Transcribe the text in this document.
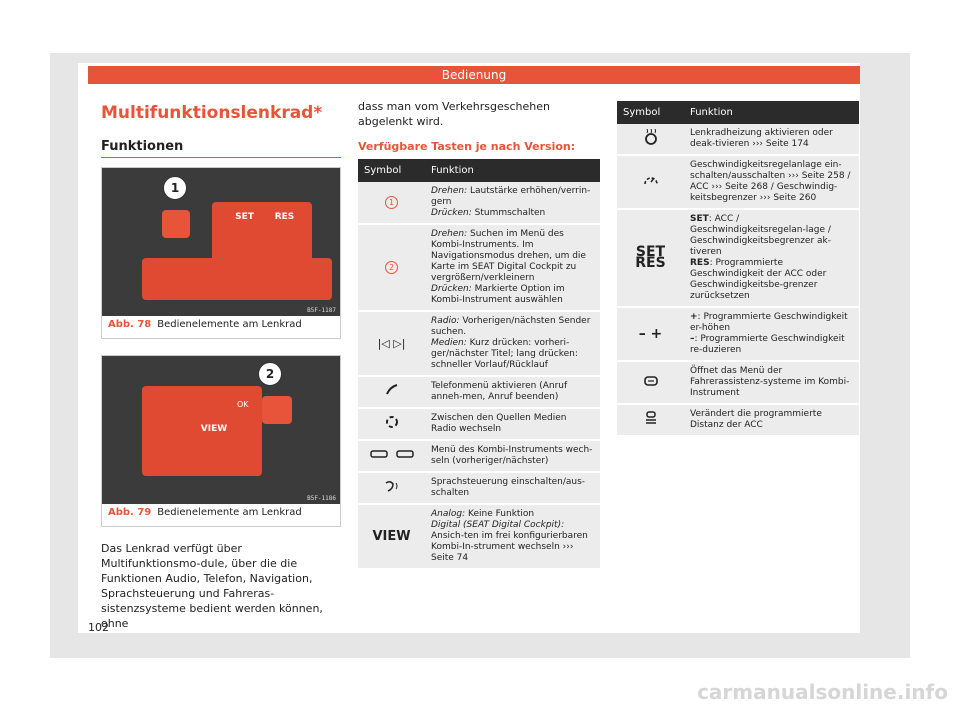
Bedienung
Multifunktionslenkrad*
Funktionen
SET	RES
1
B5F-1187
Abb. 78 Bedienelemente am Lenkrad
VIEW
OK
2
B5F-1186
Abb. 79 Bedienelemente am Lenkrad
Das Lenkrad verfügt über Multifunktionsmo-dule, über die die Funktionen Audio, Telefon, Navigation, Sprachsteuerung und Fahreras-sistenzsysteme bedient werden können, ohne
dass man vom Verkehrsgeschehen abgelenkt wird.
Verfügbare Tasten je nach Version:
Symbol	Funktion
1	Drehen: Lautstärke erhöhen/verrin-gern
Drücken: Stummschalten
2	Drehen: Suchen im Menü des Kombi-Instruments. Im Navigationsmodus drehen, um die Karte im SEAT Digital Cockpit zu vergrößern/verkleinern
Drücken: Markierte Option im Kombi-Instrument auswählen
|◁ ▷|	Radio: Vorherigen/nächsten Sender suchen.
Medien: Kurz drücken: vorheri-ger/nächster Titel; lang drücken: schneller Vorlauf/Rücklauf
	Telefonmenü aktivieren (Anruf anneh-men, Anruf beenden)
	Zwischen den Quellen Medien Radio wechseln
	Menü des Kombi-Instruments wech-seln (vorheriger/nächster)
	Sprachsteuerung einschalten/aus-schalten
VIEW	Analog: Keine Funktion
Digital (SEAT Digital Cockpit): Ansich-ten im frei konfigurierbaren Kombi-In-strument wechseln ››› Seite 74
Symbol	Funktion
	Lenkradheizung aktivieren oder deak-tivieren ››› Seite 174
	Geschwindigkeitsregelanlage ein-schalten/ausschalten ››› Seite 258 / ACC ››› Seite 268 / Geschwindig-keitsbegrenzer ››› Seite 260
SET RES	SET: ACC / Geschwindigkeitsregelan-lage / Geschwindigkeitsbegrenzer ak-tiveren
RES: Programmierte Geschwindigkeit der ACC oder Geschwindigkeitsbe-grenzer zurücksetzen
– +	+: Programmierte Geschwindigkeit er-höhen
–: Programmierte Geschwindigkeit re-duzieren
	Öffnet das Menü der Fahrerassistenz-systeme im Kombi-Instrument
	Verändert die programmierte Distanz der ACC
102
carmanualsonline.info
